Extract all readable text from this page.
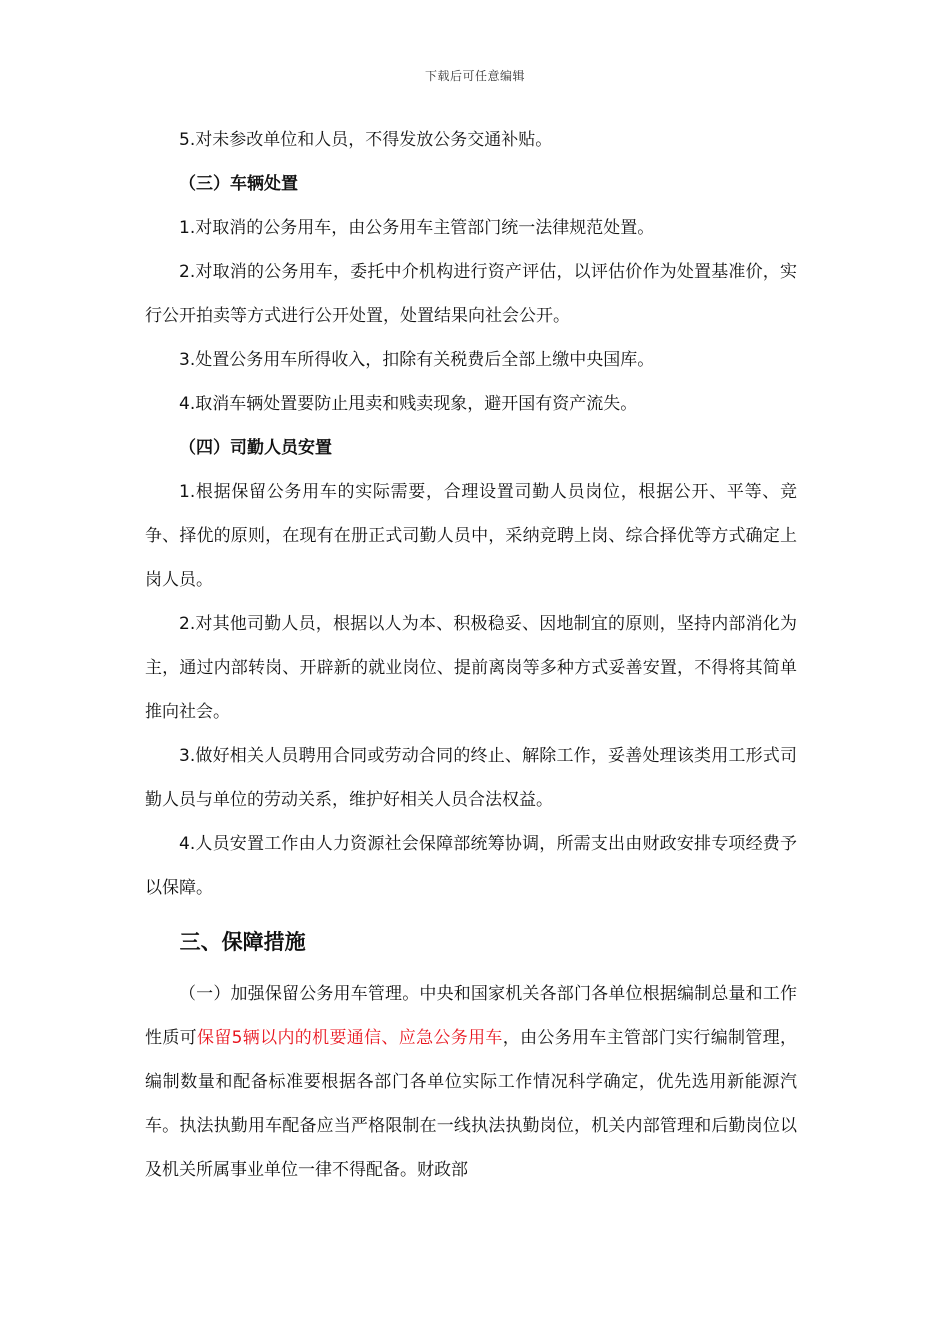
下载后可任意编辑

5.对未参改单位和人员，不得发放公务交通补贴。

（三）车辆处置

1.对取消的公务用车，由公务用车主管部门统一法律规范处置。

2.对取消的公务用车，委托中介机构进行资产评估，以评估价作为处置基准价，实行公开拍卖等方式进行公开处置，处置结果向社会公开。

3.处置公务用车所得收入，扣除有关税费后全部上缴中央国库。

4.取消车辆处置要防止甩卖和贱卖现象，避开国有资产流失。

（四）司勤人员安置

1.根据保留公务用车的实际需要，合理设置司勤人员岗位，根据公开、平等、竞争、择优的原则，在现有在册正式司勤人员中，采纳竞聘上岗、综合择优等方式确定上岗人员。

2.对其他司勤人员，根据以人为本、积极稳妥、因地制宜的原则，坚持内部消化为主，通过内部转岗、开辟新的就业岗位、提前离岗等多种方式妥善安置，不得将其简单推向社会。

3.做好相关人员聘用合同或劳动合同的终止、解除工作，妥善处理该类用工形式司勤人员与单位的劳动关系，维护好相关人员合法权益。

4.人员安置工作由人力资源社会保障部统筹协调，所需支出由财政安排专项经费予以保障。

三、保障措施

（一）加强保留公务用车管理。中央和国家机关各部门各单位根据编制总量和工作性质可保留5辆以内的机要通信、应急公务用车，由公务用车主管部门实行编制管理，编制数量和配备标准要根据各部门各单位实际工作情况科学确定，优先选用新能源汽车。执法执勤用车配备应当严格限制在一线执法执勤岗位，机关内部管理和后勤岗位以及机关所属事业单位一律不得配备。财政部
